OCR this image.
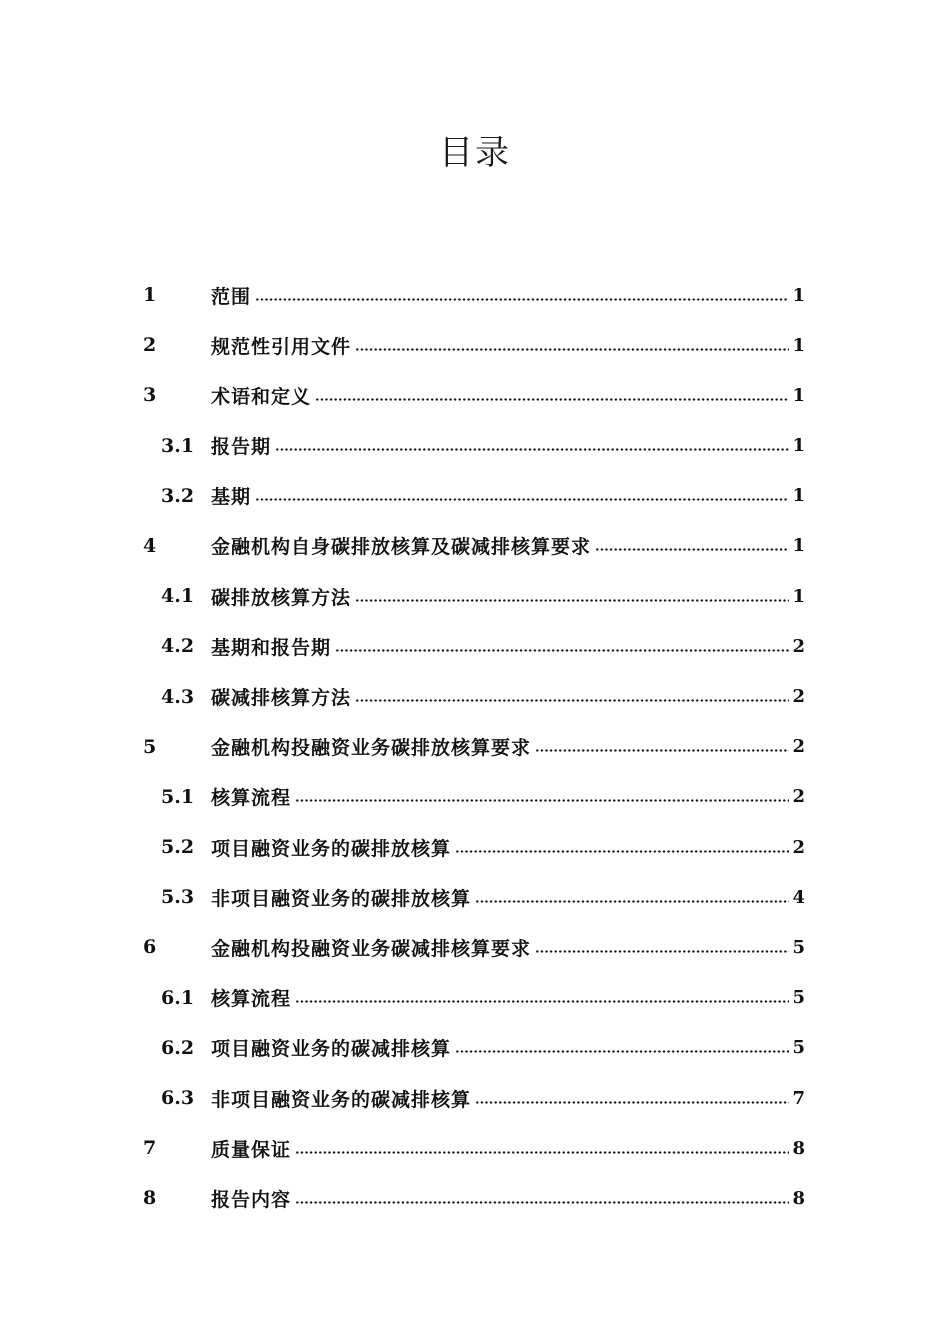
目录
1	范围	1
2	规范性引用文件	1
3	术语和定义	1
3.1 报告期	1
3.2 基期	1
4	金融机构自身碳排放核算及碳减排核算要求	1
4.1 碳排放核算方法	1
4.2 基期和报告期	2
4.3 碳减排核算方法	2
5	金融机构投融资业务碳排放核算要求	2
5.1 核算流程	2
5.2 项目融资业务的碳排放核算	2
5.3 非项目融资业务的碳排放核算	4
6	金融机构投融资业务碳减排核算要求	5
6.1 核算流程	5
6.2 项目融资业务的碳减排核算	5
6.3 非项目融资业务的碳减排核算	7
7	质量保证	8
8	报告内容	8
